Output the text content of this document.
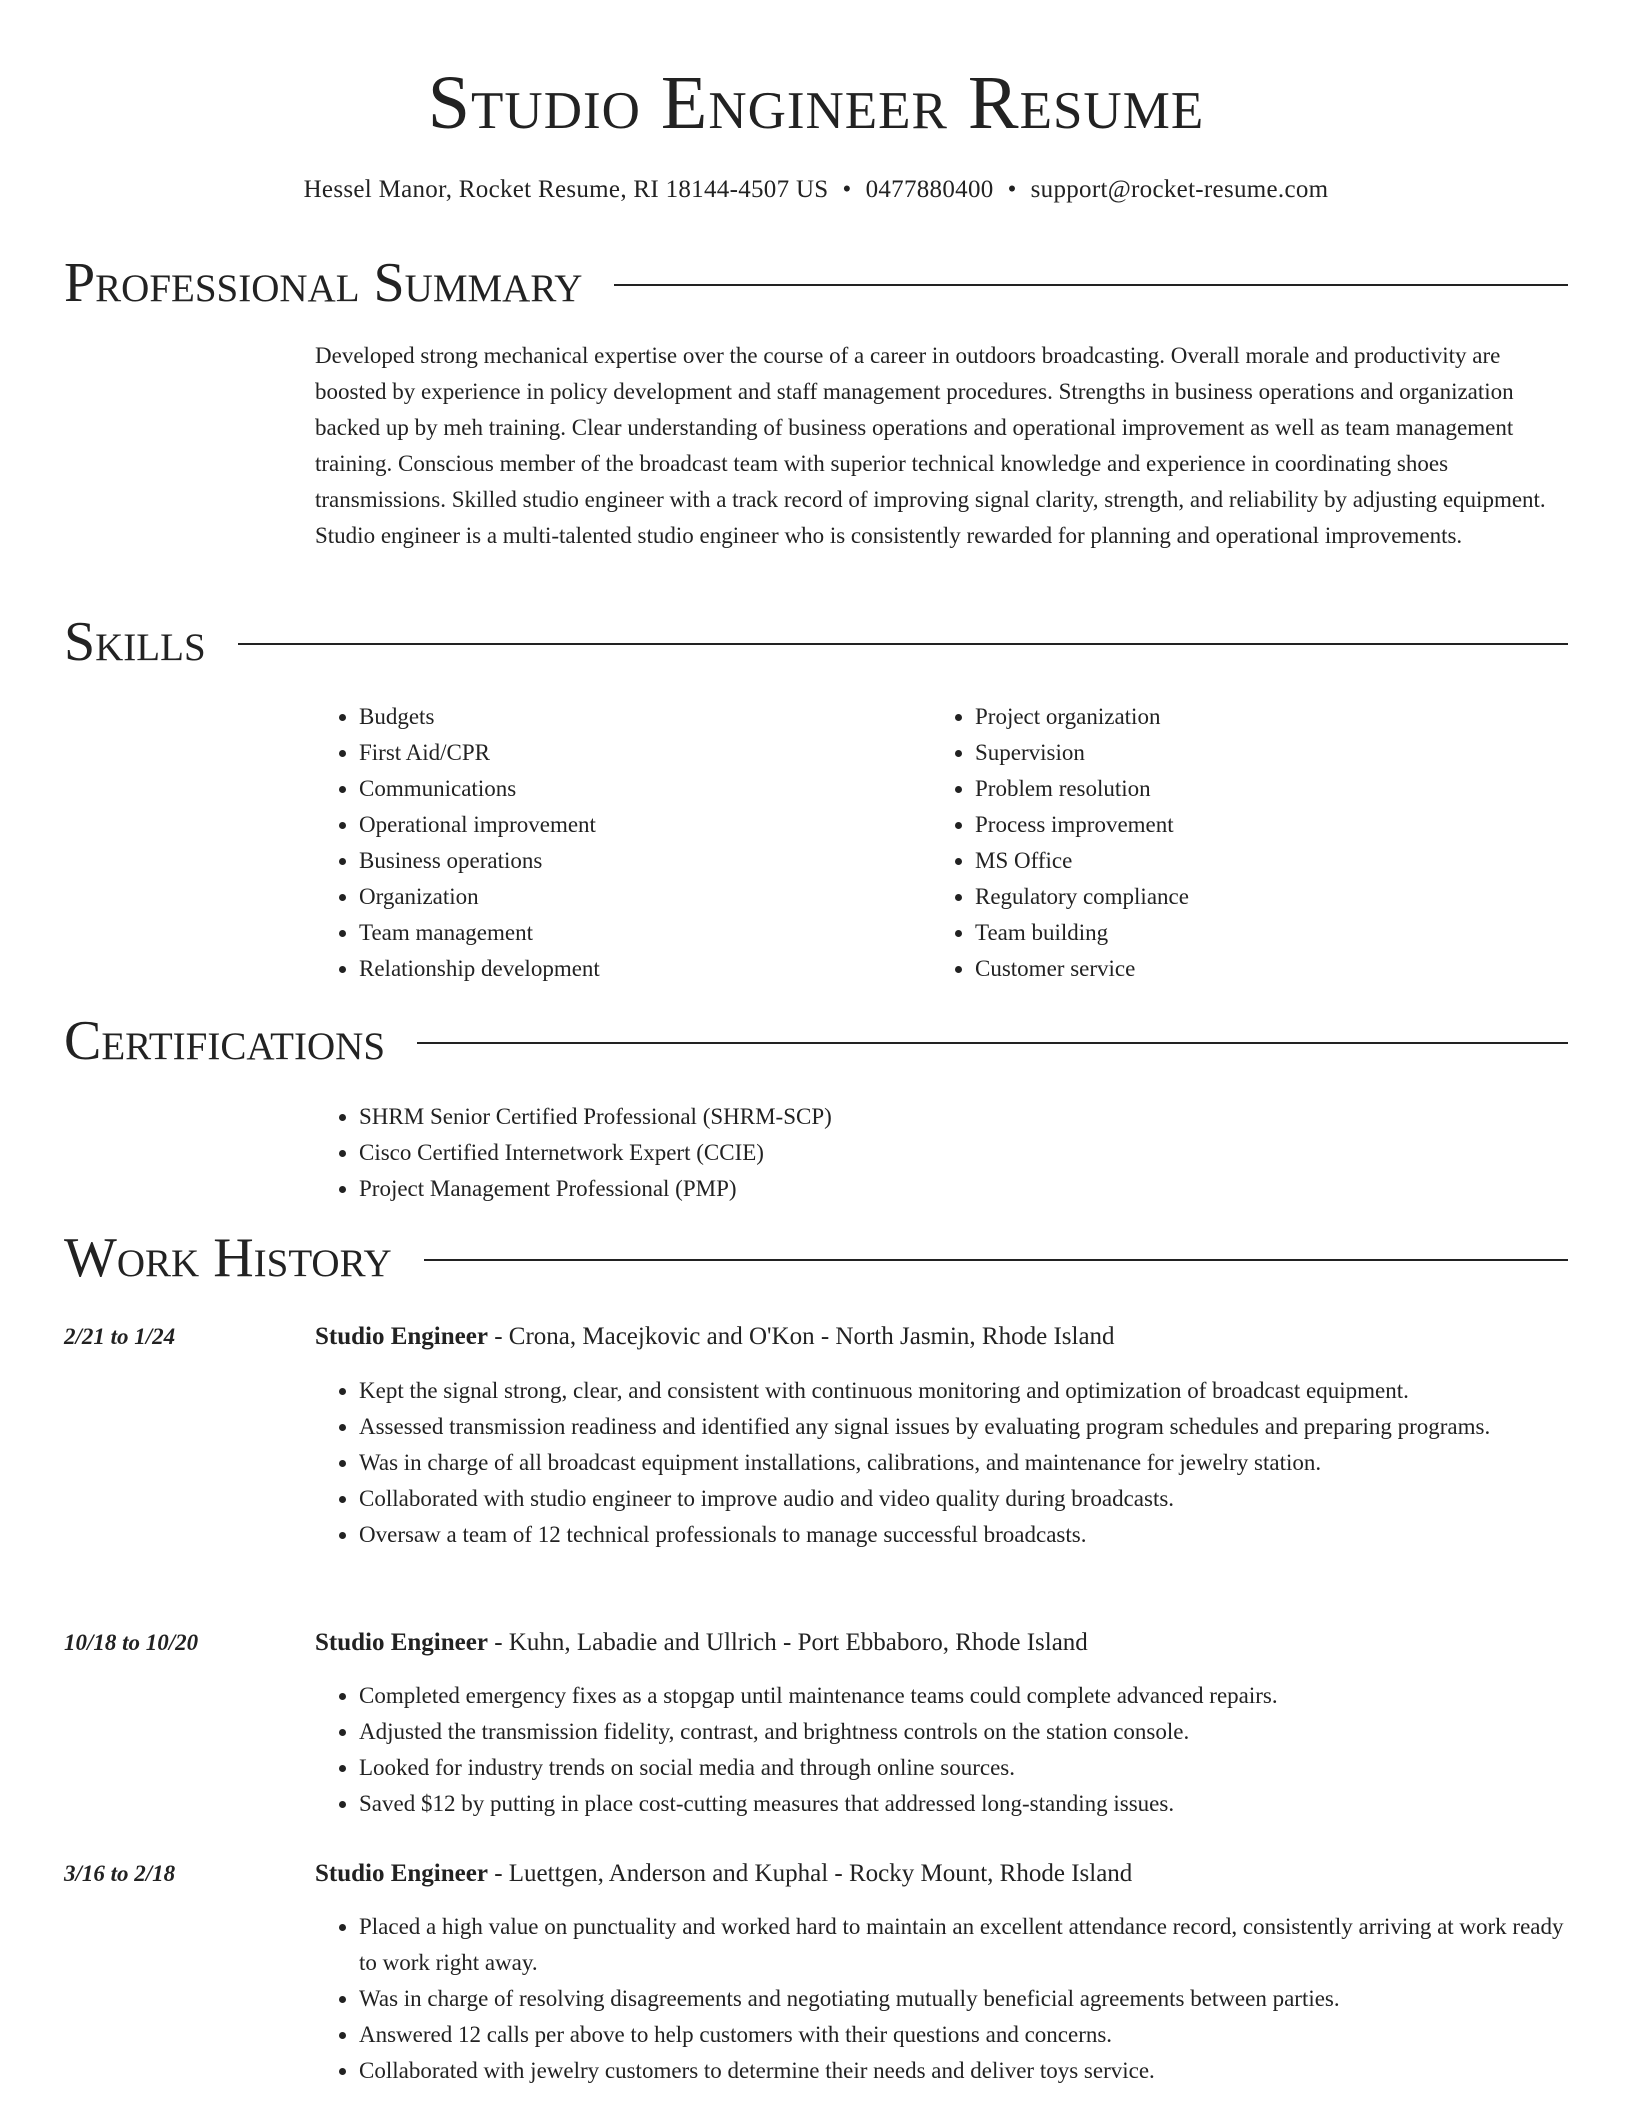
Studio Engineer Resume
Hessel Manor, Rocket Resume, RI 18144-4507 US • 0477880400 • support@rocket-resume.com
Professional Summary

Developed strong mechanical expertise over the course of a career in outdoors broadcasting. Overall morale and productivity are boosted by experience in policy development and staff management procedures. Strengths in business operations and organization backed up by meh training. Clear understanding of business operations and operational improvement as well as team management training. Conscious member of the broadcast team with superior technical knowledge and experience in coordinating shoes transmissions. Skilled studio engineer with a track record of improving signal clarity, strength, and reliability by adjusting equipment. Studio engineer is a multi-talented studio engineer who is consistently rewarded for planning and operational improvements.

Skills
• Budgets
• First Aid/CPR
• Communications
• Operational improvement
• Business operations
• Organization
• Team management
• Relationship development
• Project organization
• Supervision
• Problem resolution
• Process improvement
• MS Office
• Regulatory compliance
• Team building
• Customer service
Certifications
• SHRM Senior Certified Professional (SHRM-SCP)
• Cisco Certified Internetwork Expert (CCIE)
• Project Management Professional (PMP)
Work History
2/21 to 1/24	Studio Engineer - Crona, Macejkovic and O'Kon - North Jasmin, Rhode Island
• Kept the signal strong, clear, and consistent with continuous monitoring and optimization of broadcast equipment.
• Assessed transmission readiness and identified any signal issues by evaluating program schedules and preparing programs.
• Was in charge of all broadcast equipment installations, calibrations, and maintenance for jewelry station.
• Collaborated with studio engineer to improve audio and video quality during broadcasts.
• Oversaw a team of 12 technical professionals to manage successful broadcasts.
10/18 to 10/20	Studio Engineer - Kuhn, Labadie and Ullrich - Port Ebbaboro, Rhode Island
• Completed emergency fixes as a stopgap until maintenance teams could complete advanced repairs.
• Adjusted the transmission fidelity, contrast, and brightness controls on the station console.
• Looked for industry trends on social media and through online sources.
• Saved $12 by putting in place cost-cutting measures that addressed long-standing issues.
3/16 to 2/18	Studio Engineer - Luettgen, Anderson and Kuphal - Rocky Mount, Rhode Island
• Placed a high value on punctuality and worked hard to maintain an excellent attendance record, consistently arriving at work ready to work right away.
• Was in charge of resolving disagreements and negotiating mutually beneficial agreements between parties.
• Answered 12 calls per above to help customers with their questions and concerns.
• Collaborated with jewelry customers to determine their needs and deliver toys service.
